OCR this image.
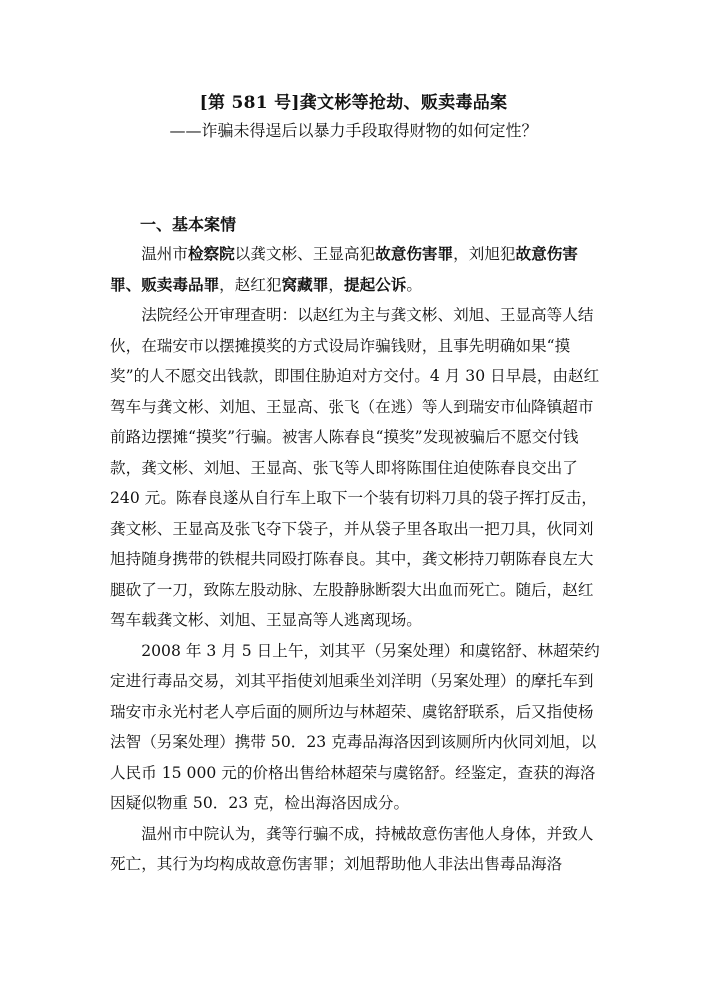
[第 581 号]龚文彬等抢劫、贩卖毒品案
——诈骗未得逞后以暴力手段取得财物的如何定性？
一、基本案情

温州市检察院以龚文彬、王显高犯故意伤害罪，刘旭犯故意伤害罪、贩卖毒品罪，赵红犯窝藏罪，提起公诉。

法院经公开审理查明：以赵红为主与龚文彬、刘旭、王显高等人结伙，在瑞安市以摆摊摸奖的方式设局诈骗钱财，且事先明确如果“摸奖”的人不愿交出钱款，即围住胁迫对方交付。4 月 30 日早晨，由赵红驾车与龚文彬、刘旭、王显高、张飞（在逃）等人到瑞安市仙降镇超市前路边摆摊“摸奖”行骗。被害人陈春良“摸奖”发现被骗后不愿交付钱款，龚文彬、刘旭、王显高、张飞等人即将陈围住迫使陈春良交出了 240 元。陈春良遂从自行车上取下一个装有切料刀具的袋子挥打反击，龚文彬、王显高及张飞夺下袋子，并从袋子里各取出一把刀具，伙同刘旭持随身携带的铁棍共同殴打陈春良。其中，龚文彬持刀朝陈春良左大腿砍了一刀，致陈左股动脉、左股静脉断裂大出血而死亡。随后，赵红驾车载龚文彬、刘旭、王显高等人逃离现场。

2008 年 3 月 5 日上午，刘其平（另案处理）和虞铭舒、林超荣约定进行毒品交易，刘其平指使刘旭乘坐刘洋明（另案处理）的摩托车到瑞安市永光村老人亭后面的厕所边与林超荣、虞铭舒联系，后又指使杨法智（另案处理）携带 50．23 克毒品海洛因到该厕所内伙同刘旭，以人民币 15 000 元的价格出售给林超荣与虞铭舒。经鉴定，查获的海洛因疑似物重 50．23 克，检出海洛因成分。

温州市中院认为，龚等行骗不成，持械故意伤害他人身体，并致人死亡，其行为均构成故意伤害罪；刘旭帮助他人非法出售毒品海洛
